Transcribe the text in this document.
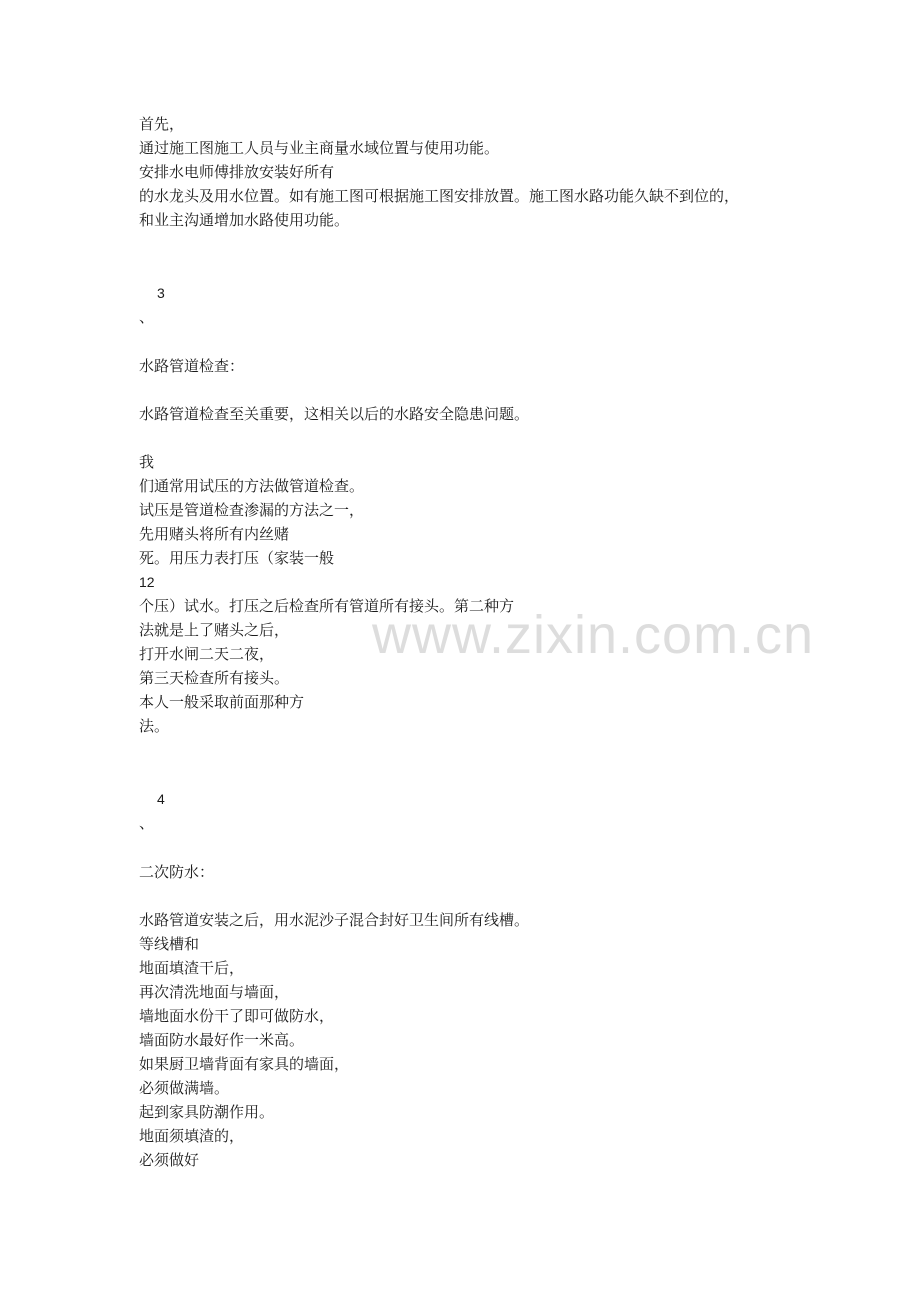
首先，

通过施工图施工人员与业主商量水域位置与使用功能。

安排水电师傅排放安装好所有

的水龙头及用水位置。如有施工图可根据施工图安排放置。施工图水路功能久缺不到位的，

和业主沟通增加水路使用功能。

3

、

水路管道检查：

水路管道检查至关重要，这相关以后的水路安全隐患问题。

我

们通常用试压的方法做管道检查。

试压是管道检查渗漏的方法之一，

先用赌头将所有内丝赌

死。用压力表打压（家装一般

12

个压）试水。打压之后检查所有管道所有接头。第二种方

法就是上了赌头之后，

打开水闸二天二夜，

第三天检查所有接头。

本人一般采取前面那种方

法。

4

、

二次防水：

水路管道安装之后，用水泥沙子混合封好卫生间所有线槽。

等线槽和

地面填渣干后，

再次清洗地面与墙面，

墙地面水份干了即可做防水，

墙面防水最好作一米高。

如果厨卫墙背面有家具的墙面，

必须做满墙。

起到家具防潮作用。

地面须填渣的，

必须做好

www.zixin.com.cn
